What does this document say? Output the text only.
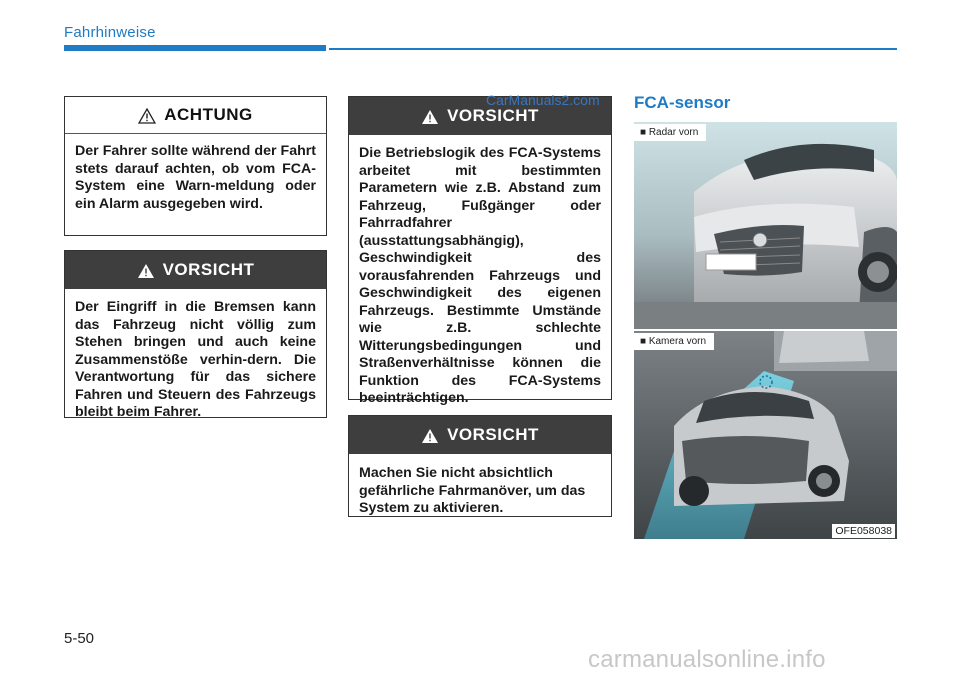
Fahrhinweise
ACHTUNG
Der Fahrer sollte während der Fahrt stets darauf achten, ob vom FCA-System eine Warn-meldung oder ein Alarm ausgegeben wird.
VORSICHT
Der Eingriff in die Bremsen kann das Fahrzeug nicht völlig zum Stehen bringen und auch keine Zusammenstöße verhin-dern. Die Verantwortung für das sichere Fahren und Steuern des Fahrzeugs bleibt beim Fahrer.
VORSICHT
Die Betriebslogik des FCA-Systems arbeitet mit bestimmten Parametern wie z.B. Abstand zum Fahrzeug, Fußgänger oder Fahrradfahrer (ausstattungsabhängig), Geschwindigkeit des vorausfahrenden Fahrzeugs und Geschwindigkeit des eigenen Fahrzeugs. Bestimmte Umstände wie z.B. schlechte Witterungsbedingungen und Straßenverhältnisse können die Funktion des FCA-Systems beeinträchtigen.
VORSICHT
Machen Sie nicht absichtlich gefährliche Fahrmanöver, um das System zu aktivieren.
CarManuals2.com FCA-sensor
■ Radar vorn
■ Kamera vorn
OFE058038
5-50
carmanualsonline.info
